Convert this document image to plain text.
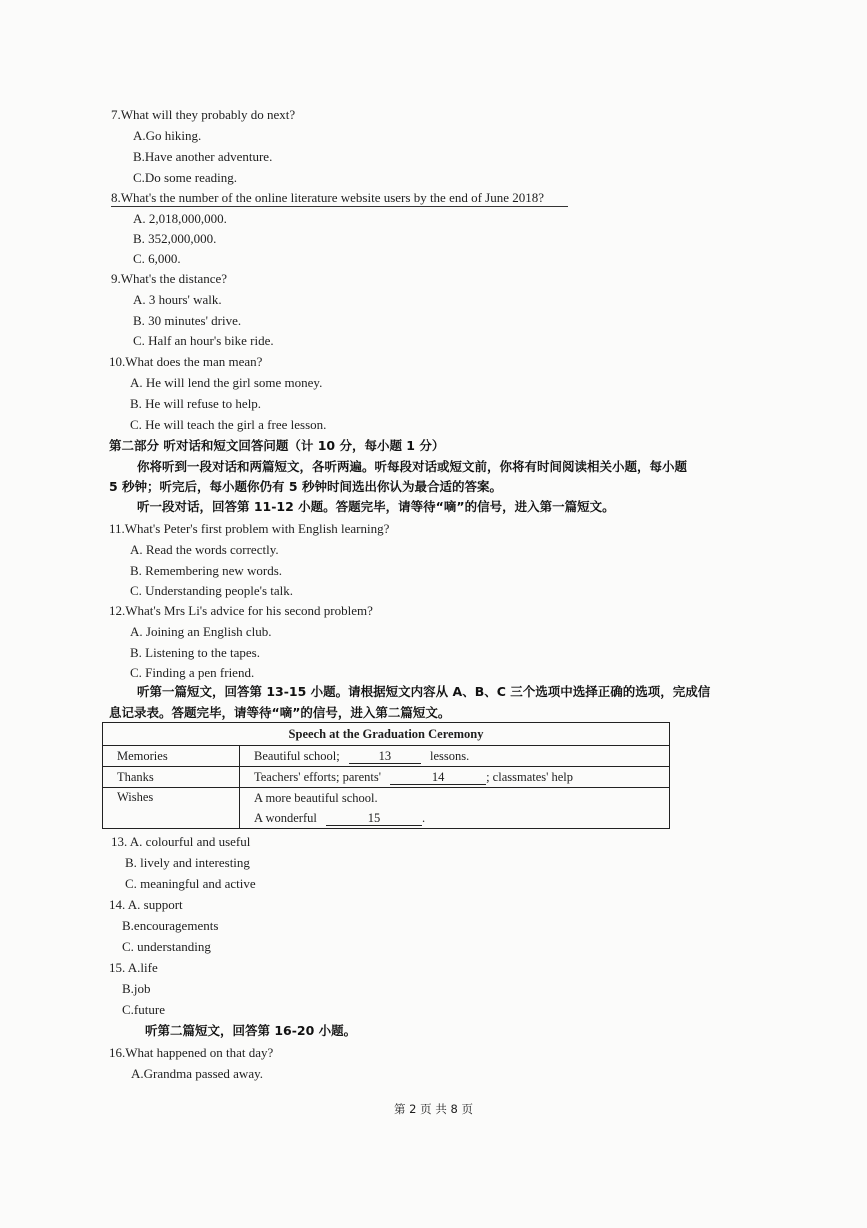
7.What will they probably do next?
A.Go hiking.
B.Have another adventure.
C.Do some reading.
8.What's the number of the online literature website users by the end of June 2018?
A. 2,018,000,000.
B. 352,000,000.
C. 6,000.
9.What's the distance?
A. 3 hours' walk.
B. 30 minutes' drive.
C. Half an hour's bike ride.
10.What does the man mean?
A. He will lend the girl some money.
B. He will refuse to help.
C. He will teach the girl a free lesson.
第二部分 听对话和短文回答问题（计 10 分，每小题 1 分）
你将听到一段对话和两篇短文，各听两遍。听每段对话或短文前，你将有时间阅读相关小题，每小题
5 秒钟；听完后，每小题你仍有 5 秒钟时间选出你认为最合适的答案。
听一段对话，回答第 11-12 小题。答题完毕，请等待“嘀”的信号，进入第一篇短文。
11.What's Peter's first problem with English learning?
A. Read the words correctly.
B. Remembering new words.
C. Understanding people's talk.
12.What's Mrs Li's advice for his second problem?
A. Joining an English club.
B. Listening to the tapes.
C. Finding a pen friend.
听第一篇短文，回答第 13-15 小题。请根据短文内容从 A、B、C 三个选项中选择正确的选项，完成信
息记录表。答题完毕，请等待“嘀”的信号，进入第二篇短文。
Speech at the Graduation Ceremony	
Memories	Beautiful school; 13 lessons.
Thanks	Teachers' efforts; parents' 14 ; classmates' help
Wishes	A more beautiful school.
A wonderful 15 .
13. A. colourful and useful
B. lively and interesting
C. meaningful and active
14. A. support
B.encouragements
C. understanding
15. A.life
B.job
C.future
听第二篇短文，回答第 16-20 小题。
16.What happened on that day?
A.Grandma passed away.
第 2 页 共 8 页
